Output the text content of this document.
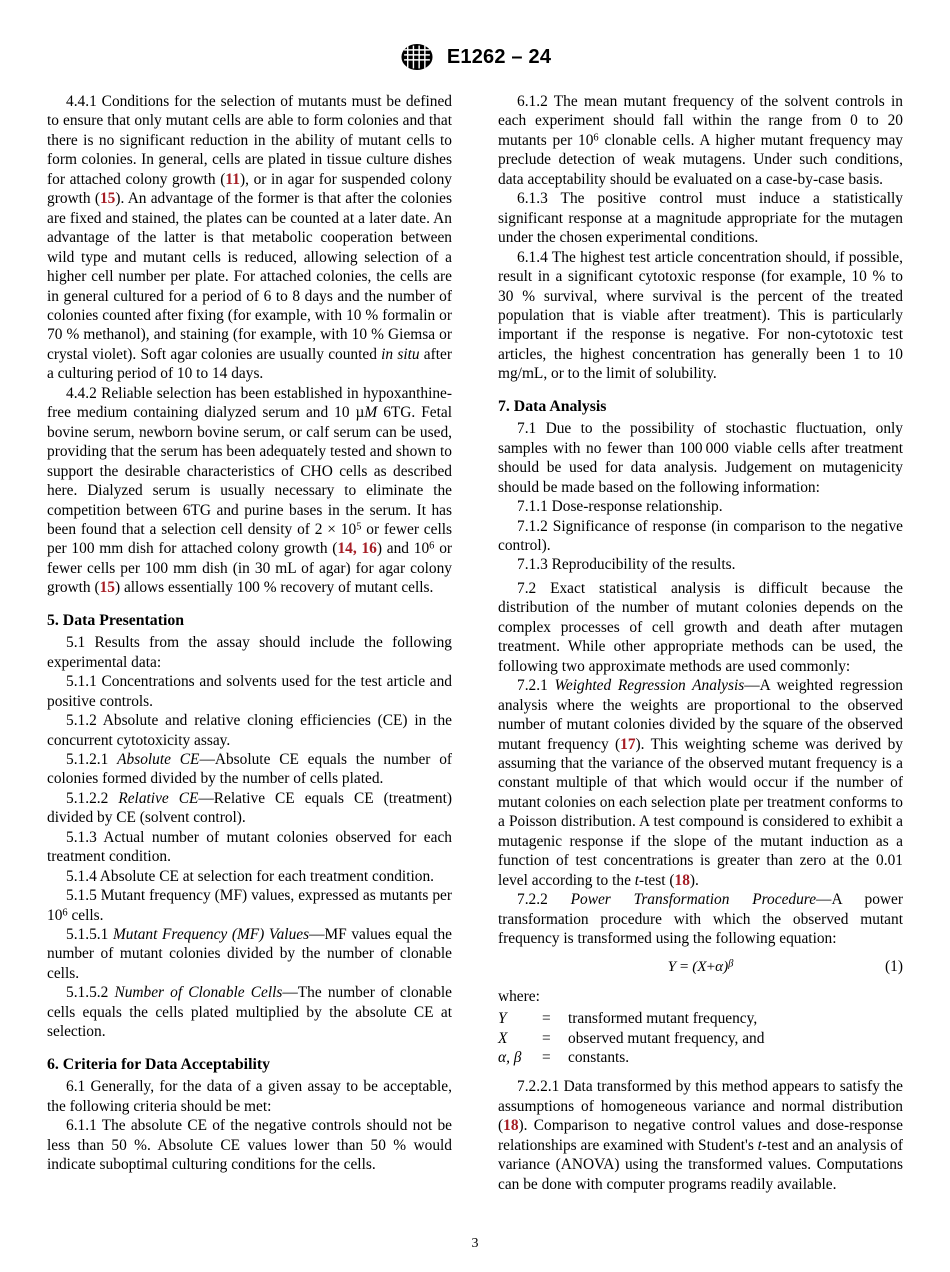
E1262 – 24

4.4.1 Conditions for the selection of mutants must be defined to ensure that only mutant cells are able to form colonies and that there is no significant reduction in the ability of mutant cells to form colonies. In general, cells are plated in tissue culture dishes for attached colony growth (11), or in agar for suspended colony growth (15). An advantage of the former is that after the colonies are fixed and stained, the plates can be counted at a later date. An advantage of the latter is that metabolic cooperation between wild type and mutant cells is reduced, allowing selection of a higher cell number per plate. For attached colonies, the cells are in general cultured for a period of 6 to 8 days and the number of colonies counted after fixing (for example, with 10 % formalin or 70 % methanol), and staining (for example, with 10 % Giemsa or crystal violet). Soft agar colonies are usually counted in situ after a culturing period of 10 to 14 days.

4.4.2 Reliable selection has been established in hypoxanthine-free medium containing dialyzed serum and 10 µM 6TG. Fetal bovine serum, newborn bovine serum, or calf serum can be used, providing that the serum has been adequately tested and shown to support the desirable characteristics of CHO cells as described here. Dialyzed serum is usually necessary to eliminate the competition between 6TG and purine bases in the serum. It has been found that a selection cell density of $2 \times 10^5$ or fewer cells per 100 mm dish for attached colony growth (14, 16) and $10^6$ or fewer cells per 100 mm dish (in 30 mL of agar) for agar colony growth (15) allows essentially 100 % recovery of mutant cells.

5. Data Presentation

5.1 Results from the assay should include the following experimental data:

5.1.1 Concentrations and solvents used for the test article and positive controls.

5.1.2 Absolute and relative cloning efficiencies (CE) in the concurrent cytotoxicity assay.

5.1.2.1 Absolute CE—Absolute CE equals the number of colonies formed divided by the number of cells plated.

5.1.2.2 Relative CE—Relative CE equals CE (treatment) divided by CE (solvent control).

5.1.3 Actual number of mutant colonies observed for each treatment condition.

5.1.4 Absolute CE at selection for each treatment condition.

5.1.5 Mutant frequency (MF) values, expressed as mutants per $10^6$ cells.

5.1.5.1 Mutant Frequency (MF) Values—MF values equal the number of mutant colonies divided by the number of clonable cells.

5.1.5.2 Number of Clonable Cells—The number of clonable cells equals the cells plated multiplied by the absolute CE at selection.

6. Criteria for Data Acceptability

6.1 Generally, for the data of a given assay to be acceptable, the following criteria should be met:

6.1.1 The absolute CE of the negative controls should not be less than 50 %. Absolute CE values lower than 50 % would indicate suboptimal culturing conditions for the cells.

6.1.2 The mean mutant frequency of the solvent controls in each experiment should fall within the range from 0 to 20 mutants per $10^6$ clonable cells. A higher mutant frequency may preclude detection of weak mutagens. Under such conditions, data acceptability should be evaluated on a case-by-case basis.

6.1.3 The positive control must induce a statistically significant response at a magnitude appropriate for the mutagen under the chosen experimental conditions.

6.1.4 The highest test article concentration should, if possible, result in a significant cytotoxic response (for example, 10 % to 30 % survival, where survival is the percent of the treated population that is viable after treatment). This is particularly important if the response is negative. For non-cytotoxic test articles, the highest concentration has generally been 1 to 10 mg/mL, or to the limit of solubility.

7. Data Analysis

7.1 Due to the possibility of stochastic fluctuation, only samples with no fewer than 100 000 viable cells after treatment should be used for data analysis. Judgement on mutagenicity should be made based on the following information:

7.1.1 Dose-response relationship.

7.1.2 Significance of response (in comparison to the negative control).

7.1.3 Reproducibility of the results.

7.2 Exact statistical analysis is difficult because the distribution of the number of mutant colonies depends on the complex processes of cell growth and death after mutagen treatment. While other appropriate methods can be used, the following two approximate methods are used commonly:

7.2.1 Weighted Regression Analysis—A weighted regression analysis where the weights are proportional to the observed number of mutant colonies divided by the square of the observed mutant frequency (17). This weighting scheme was derived by assuming that the variance of the observed mutant frequency is a constant multiple of that which would occur if the number of mutant colonies on each selection plate per treatment conforms to a Poisson distribution. A test compound is considered to exhibit a mutagenic response if the slope of the mutant induction as a function of test concentrations is greater than zero at the 0.01 level according to the t-test (18).

7.2.2 Power Transformation Procedure—A power transformation procedure with which the observed mutant frequency is transformed using the following equation:

$Y = (X+\alpha)^\beta$	(1)
where:
Y	=	transformed mutant frequency,
X	=	observed mutant frequency, and
α, β	=	constants.

7.2.2.1 Data transformed by this method appears to satisfy the assumptions of homogeneous variance and normal distribution (18). Comparison to negative control values and dose-response relationships are examined with Student's t-test and an analysis of variance (ANOVA) using the transformed values. Computations can be done with computer programs readily available.

3
